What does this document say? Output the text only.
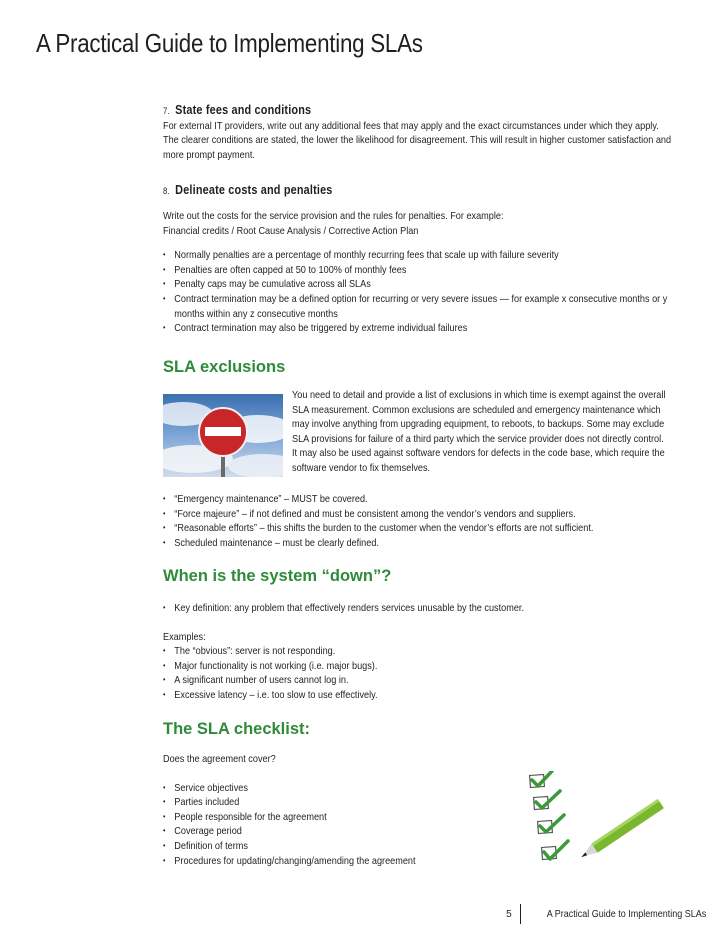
A Practical Guide to Implementing SLAs
7. State fees and conditions

For external IT providers, write out any additional fees that may apply and the exact circumstances under which they apply.

The clearer conditions are stated, the lower the likelihood for disagreement. This will result in higher customer satisfaction and

more prompt payment.

8. Delineate costs and penalties

Write out the costs for the service provision and the rules for penalties. For example:

Financial credits / Root Cause Analysis / Corrective Action Plan

• Normally penalties are a percentage of monthly recurring fees that scale up with failure severity
• Penalties are often capped at 50 to 100% of monthly fees
• Penalty caps may be cumulative across all SLAs
• Contract termination may be a defined option for recurring or very severe issues — for example x consecutive months or y
months within any z consecutive months
• Contract termination may also be triggered by extreme individual failures
SLA exclusions

You need to detail and provide a list of exclusions in which time is exempt against the overall

SLA measurement. Common exclusions are scheduled and emergency maintenance which

may involve anything from upgrading equipment, to reboots, to backups. Some may exclude

SLA provisions for failure of a third party which the service provider does not directly control.

It may also be used against software vendors for defects in the code base, which require the

software vendor to fix themselves.

• “Emergency maintenance” – MUST be covered.
• “Force majeure” – if not defined and must be consistent among the vendor’s vendors and suppliers.
• “Reasonable efforts” – this shifts the burden to the customer when the vendor’s efforts are not sufficient.
• Scheduled maintenance – must be clearly defined.
When is the system “down”?
• Key definition: any problem that effectively renders services unusable by the customer.

Examples:

• The “obvious”: server is not responding.
• Major functionality is not working (i.e. major bugs).
• A significant number of users cannot log in.
• Excessive latency – i.e. too slow to use effectively.
The SLA checklist:

Does the agreement cover?

• Service objectives
• Parties included
• People responsible for the agreement
• Coverage period
• Definition of terms
• Procedures for updating/changing/amending the agreement
5	A Practical Guide to Implementing SLAs
